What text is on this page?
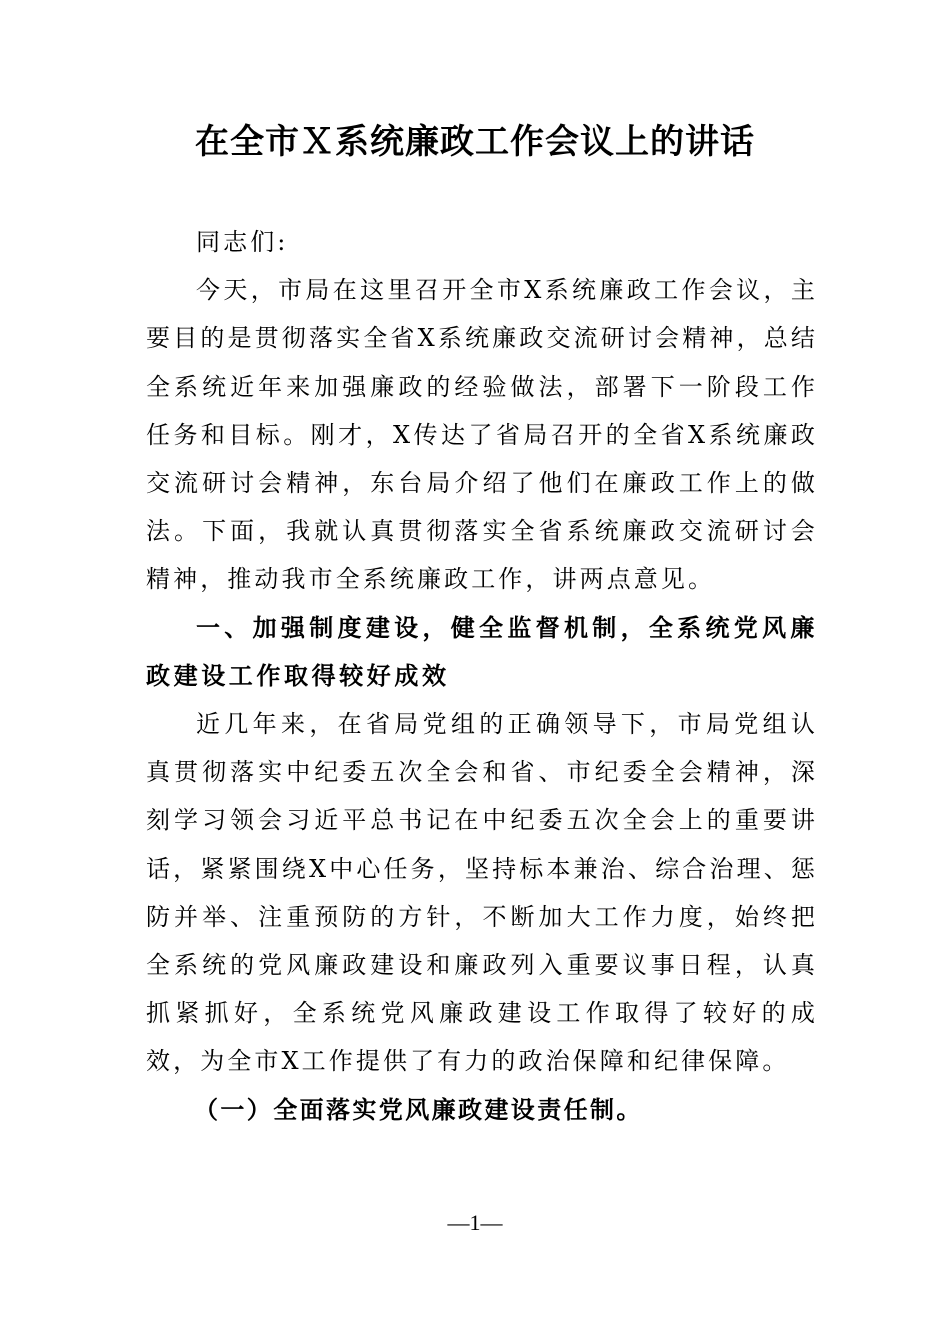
在全市Ｘ系统廉政工作会议上的讲话

同志们:

今天，市局在这里召开全市X系统廉政工作会议，主要目的是贯彻落实全省X系统廉政交流研讨会精神，总结全系统近年来加强廉政的经验做法，部署下一阶段工作任务和目标。刚才，X传达了省局召开的全省X系统廉政交流研讨会精神，东台局介绍了他们在廉政工作上的做法。下面，我就认真贯彻落实全省系统廉政交流研讨会精神，推动我市全系统廉政工作，讲两点意见。

一、加强制度建设，健全监督机制，全系统党风廉政建设工作取得较好成效

近几年来，在省局党组的正确领导下，市局党组认真贯彻落实中纪委五次全会和省、市纪委全会精神，深刻学习领会习近平总书记在中纪委五次全会上的重要讲话，紧紧围绕X中心任务，坚持标本兼治、综合治理、惩防并举、注重预防的方针，不断加大工作力度，始终把全系统的党风廉政建设和廉政列入重要议事日程，认真抓紧抓好，全系统党风廉政建设工作取得了较好的成效，为全市X工作提供了有力的政治保障和纪律保障。

（一）全面落实党风廉政建设责任制。

—1—
